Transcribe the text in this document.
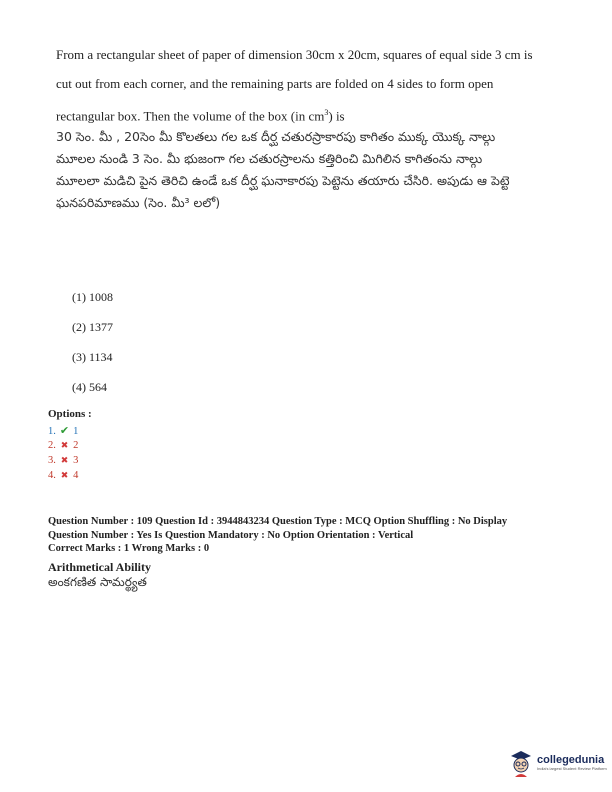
From a rectangular sheet of paper of dimension 30cm x 20cm, squares of equal side 3 cm is cut out from each corner, and the remaining parts are folded on 4 sides to form open rectangular box. Then the volume of the box (in $cm^3$) is

30 సెం. మీ , 20సెం మీ కొలతలు గల ఒక దీర్ఘ చతురస్రాకారపు కాగితం ముక్క యొక్క నాల్గు మూలల నుండి 3 సెం. మీ భుజంగా గల చతురస్రాలను కత్తిరించి మిగిలిన కాగితంను నాల్గు మూలలా మడిచి పైన తెరిచి ఉండే ఒక దీర్ఘ ఘనాకారపు పెట్టెను తయారు చేసిరి. అపుడు ఆ పెట్టె ఘనపరిమాణము (సెం. మీ³ లలో)

(1) 1008
(2) 1377
(3) 1134
(4) 564
Options :
1. ✔ 1
2. ✖ 2
3. ✖ 3
4. ✖ 4
Question Number : 109 Question Id : 3944843234 Question Type : MCQ Option Shuffling : No Display
Question Number : Yes Is Question Mandatory : No Option Orientation : Vertical
Correct Marks : 1 Wrong Marks : 0
Arithmetical Ability
అంకగణిత సామర్థ్యత
collegedunia
India's largest Student Review Platform
